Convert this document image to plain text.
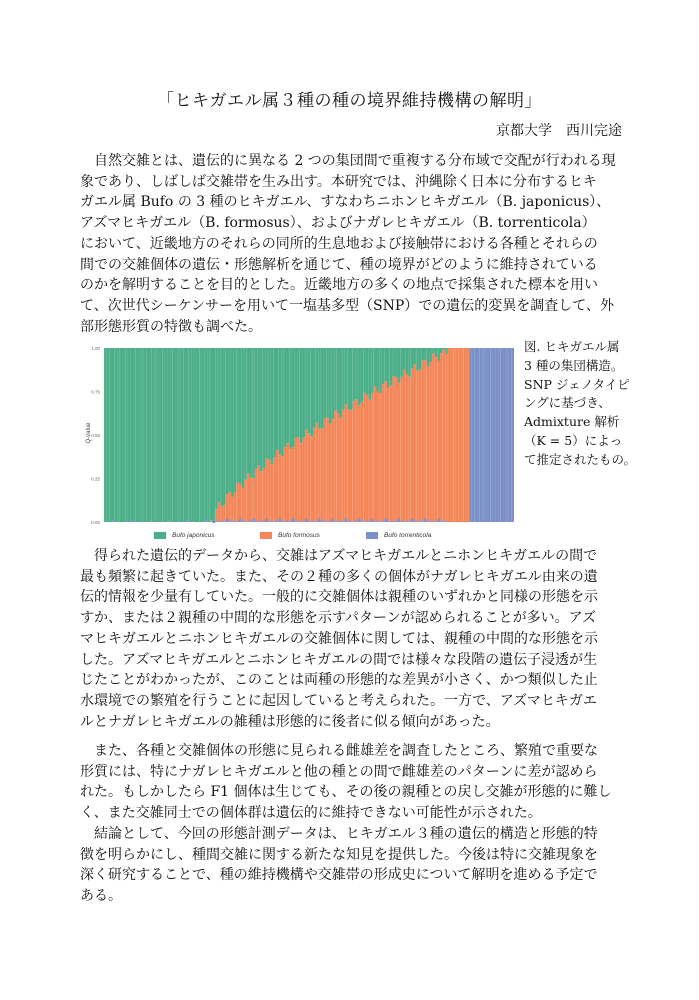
「ヒキガエル属３種の種の境界維持機構の解明」
京都大学　西川完途
　自然交雑とは、遺伝的に異なる 2 つの集団間で重複する分布域で交配が行われる現
象であり、しばしば交雑帯を生み出す。本研究では、沖縄除く日本に分布するヒキ
ガエル属 Bufo の 3 種のヒキガエル、すなわちニホンヒキガエル（B. japonicus）、
アズマヒキガエル（B. formosus）、およびナガレヒキガエル（B. torrenticola）
において、近畿地方のそれらの同所的生息地および接触帯における各種とそれらの
間での交雑個体の遺伝・形態解析を通じて、種の境界がどのように維持されている
のかを解明することを目的とした。近畿地方の多くの地点で採集された標本を用い
て、次世代シーケンサーを用いて一塩基多型（SNP）での遺伝的変異を調査して、外
部形態形質の特徴も調べた。
Q-value
0.00
0.25
0.50
0.75
1.00
Bufo japonicus	Bufo formosus	Bufo torrenticola
図. ヒキガエル属
3 種の集団構造。
SNP ジェノタイピ
ングに基づき、
Admixture 解析
（K = 5）によっ
て推定されたもの。
　得られた遺伝的データから、交雑はアズマヒキガエルとニホンヒキガエルの間で
最も頻繁に起きていた。また、その２種の多くの個体がナガレヒキガエル由来の遺
伝的情報を少量有していた。一般的に交雑個体は親種のいずれかと同様の形態を示
すか、または２親種の中間的な形態を示すパターンが認められることが多い。アズ
マヒキガエルとニホンヒキガエルの交雑個体に関しては、親種の中間的な形態を示
した。アズマヒキガエルとニホンヒキガエルの間では様々な段階の遺伝子浸透が生
じたことがわかったが、このことは両種の形態的な差異が小さく、かつ類似した止
水環境での繁殖を行うことに起因していると考えられた。一方で、アズマヒキガエ
ルとナガレヒキガエルの雑種は形態的に後者に似る傾向があった。
　また、各種と交雑個体の形態に見られる雌雄差を調査したところ、繁殖で重要な
形質には、特にナガレヒキガエルと他の種との間で雌雄差のパターンに差が認めら
れた。もしかしたら F1 個体は生じても、その後の親種との戻し交雑が形態的に難し
く、また交雑同士での個体群は遺伝的に維持できない可能性が示された。
　結論として、今回の形態計測データは、ヒキガエル３種の遺伝的構造と形態的特
徴を明らかにし、種間交雑に関する新たな知見を提供した。今後は特に交雑現象を
深く研究することで、種の維持機構や交雑帯の形成史について解明を進める予定で
ある。
